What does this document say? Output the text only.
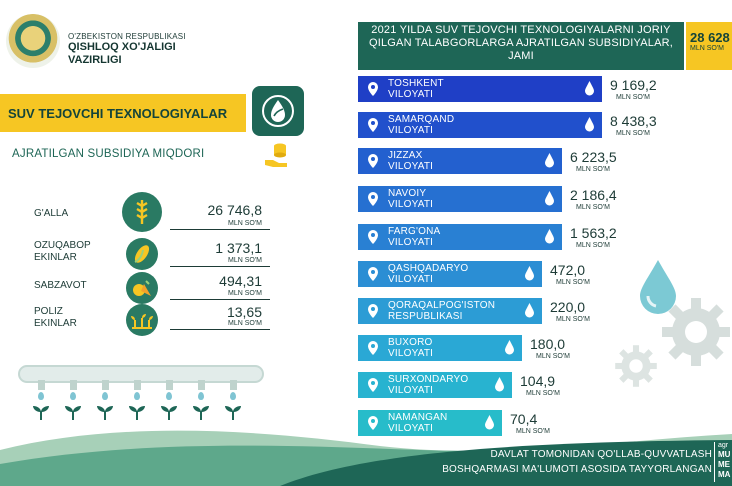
O'ZBEKISTON RESPUBLIKASI
QISHLOQ XO'JALIGI
VAZIRLIGI
SUV TEJOVCHI TEXNOLOGIYALAR
AJRATILGAN SUBSIDIYA MIQDORI
G'ALLA	26 746,8
MLN SO'M
OZUQABOP EKINLAR
1 373,1
MLN SO'M
SABZAVOT	494,31
MLN SO'M
POLIZ EKINLAR
13,65
MLN SO'M
2021 YILDA SUV TEJOVCHI TEXNOLOGIYALARNI JORIY QILGAN TALABGORLARGA AJRATILGAN SUBSIDIYALAR, JAMI
28 628
MLN SO'M
TOSHKENT
VILOYATI
9 169,2
MLN SO'M
SAMARQAND
VILOYATI
8 438,3
MLN SO'M
JIZZAX
VILOYATI
6 223,5
MLN SO'M
NAVOIY
VILOYATI
2 186,4
MLN SO'M
FARG'ONA
VILOYATI
1 563,2
MLN SO'M
QASHQADARYO
VILOYATI
472,0
MLN SO'M
QORAQALPOG'ISTON
RESPUBLIKASI
220,0
MLN SO'M
BUXORO
VILOYATI
180,0
MLN SO'M
SURXONDARYO
VILOYATI
104,9
MLN SO'M
NAMANGAN
VILOYATI
70,4
MLN SO'M
DAVLAT TOMONIDAN QO'LLAB-QUVVATLASH
BOSHQARMASI MA'LUMOTI ASOSIDA TAYYORLANGAN
agr
MU
ME
MA
